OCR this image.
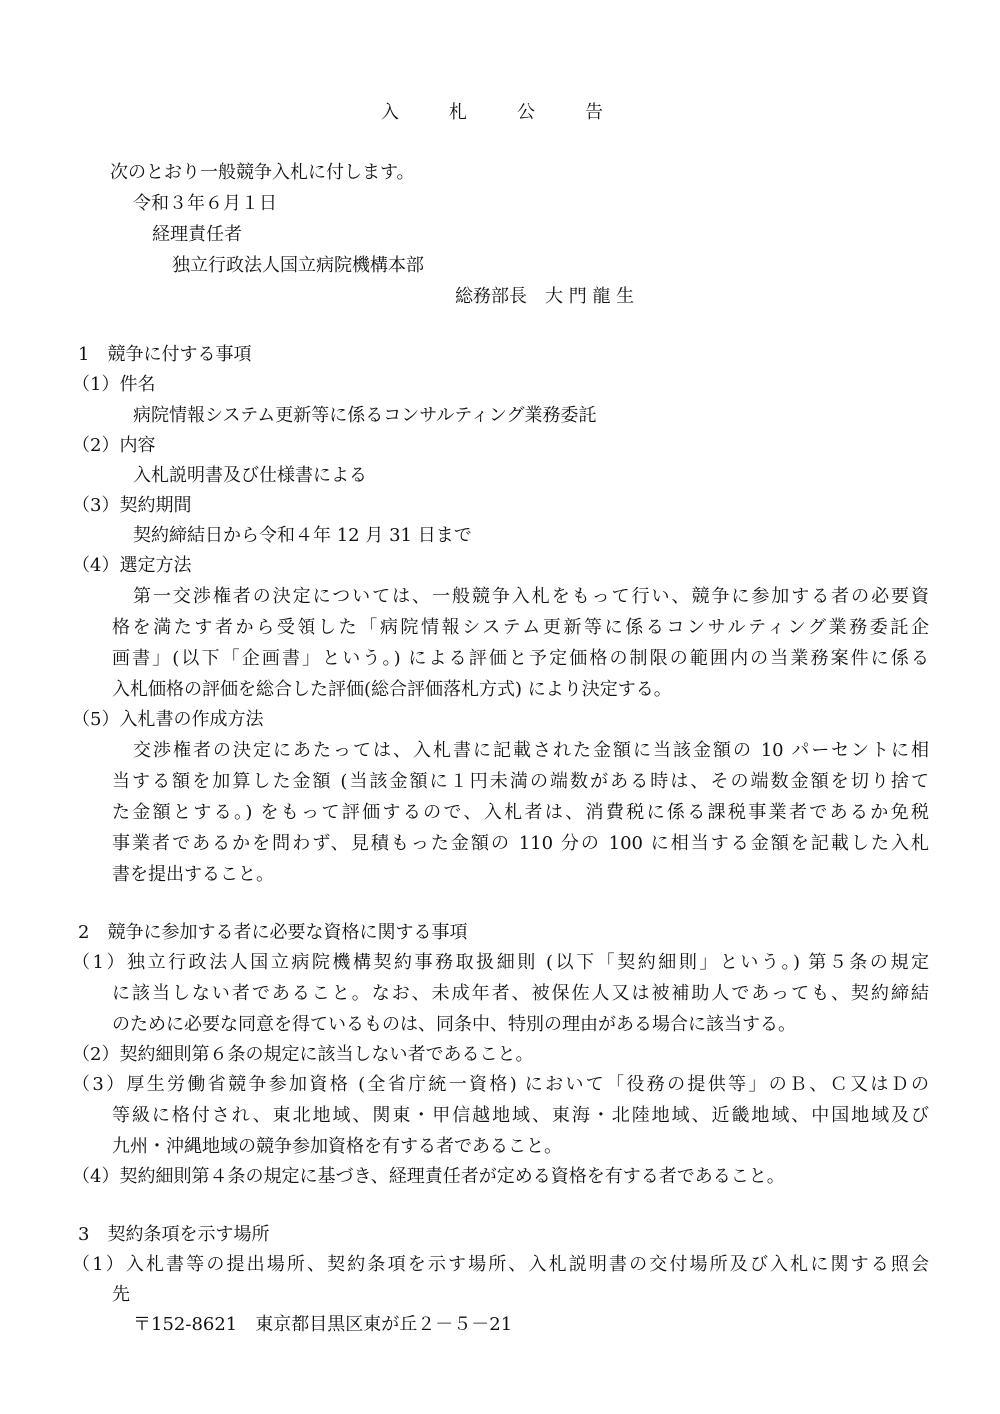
入　札　公　告
次のとおり一般競争入札に付します。
令和３年６月１日
経理責任者
独立行政法人国立病院機構本部
総務部長　大 門 龍 生
1　競争に付する事項
（1）件名
病院情報システム更新等に係るコンサルティング業務委託
（2）内容
入札説明書及び仕様書による
（3）契約期間
契約締結日から令和４年 12 月 31 日まで
（4）選定方法
第一交渉権者の決定については、一般競争入札をもって行い、競争に参加する者の必要資
格を満たす者から受領した「病院情報システム更新等に係るコンサルティング業務委託企
画書」(以下「企画書」という。) による評価と予定価格の制限の範囲内の当業務案件に係る
入札価格の評価を総合した評価(総合評価落札方式) により決定する。
（5）入札書の作成方法
交渉権者の決定にあたっては、入札書に記載された金額に当該金額の 10 パーセントに相
当する額を加算した金額 (当該金額に１円未満の端数がある時は、その端数金額を切り捨て
た金額とする。) をもって評価するので、入札者は、消費税に係る課税事業者であるか免税
事業者であるかを問わず、見積もった金額の 110 分の 100 に相当する金額を記載した入札
書を提出すること。
2　競争に参加する者に必要な資格に関する事項
（1）独立行政法人国立病院機構契約事務取扱細則 (以下「契約細則」という。) 第５条の規定
に該当しない者であること。なお、未成年者、被保佐人又は被補助人であっても、契約締結
のために必要な同意を得ているものは、同条中、特別の理由がある場合に該当する。
（2）契約細則第６条の規定に該当しない者であること。
（3）厚生労働省競争参加資格 (全省庁統一資格) において「役務の提供等」のＢ、Ｃ又はＤの
等級に格付され、東北地域、関東・甲信越地域、東海・北陸地域、近畿地域、中国地域及び
九州・沖縄地域の競争参加資格を有する者であること。
（4）契約細則第４条の規定に基づき、経理責任者が定める資格を有する者であること。
3　契約条項を示す場所
（1）入札書等の提出場所、契約条項を示す場所、入札説明書の交付場所及び入札に関する照会
先
〒152-8621　東京都目黒区東が丘２－５－21
